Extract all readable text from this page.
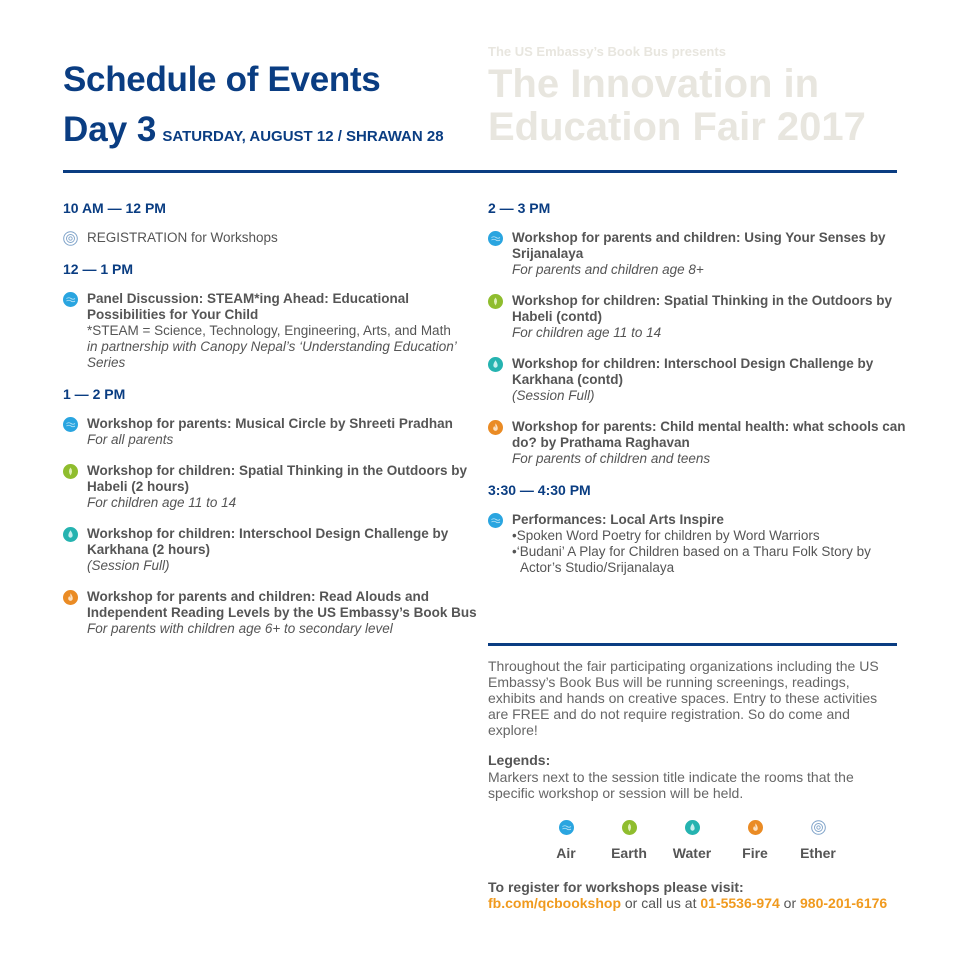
Schedule of Events
Day 3 SATURDAY, AUGUST 12 / SHRAWAN 28
The US Embassy’s Book Bus presents
The Innovation in Education Fair 2017
10 AM — 12 PM
REGISTRATION for Workshops
12 — 1 PM
Panel Discussion: STEAM*ing Ahead: Educational Possibilities for Your Child
*STEAM = Science, Technology, Engineering, Arts, and Math
in partnership with Canopy Nepal’s ‘Understanding Education’ Series
1 — 2 PM
Workshop for parents: Musical Circle by Shreeti Pradhan
For all parents
Workshop for children: Spatial Thinking in the Outdoors by Habeli (2 hours)
For children age 11 to 14
Workshop for children: Interschool Design Challenge by Karkhana (2 hours)
(Session Full)
Workshop for parents and children: Read Alouds and Independent Reading Levels by the US Embassy’s Book Bus
For parents with children age 6+ to secondary level
2 — 3 PM
Workshop for parents and children: Using Your Senses by Srijanalaya
For parents and children age 8+
Workshop for children: Spatial Thinking in the Outdoors by Habeli (contd)
For children age 11 to 14
Workshop for children: Interschool Design Challenge by Karkhana (contd)
(Session Full)
Workshop for parents: Child mental health: what schools can do? by Prathama Raghavan
For parents of children and teens
3:30 — 4:30 PM
Performances: Local Arts Inspire
•Spoken Word Poetry for children by Word Warriors
•‘Budani’ A Play for Children based on a Tharu Folk Story by Actor’s Studio/Srijanalaya
Throughout the fair participating organizations including the US Embassy’s Book Bus will be running screenings, readings, exhibits and hands on creative spaces. Entry to these activities are FREE and do not require registration. So do come and explore!
Legends:
Markers next to the session title indicate the rooms that the specific workshop or session will be held.
Air	Earth	Water	Fire	Ether
To register for workshops please visit:
fb.com/qcbookshop or call us at 01-5536-974 or 980-201-6176
